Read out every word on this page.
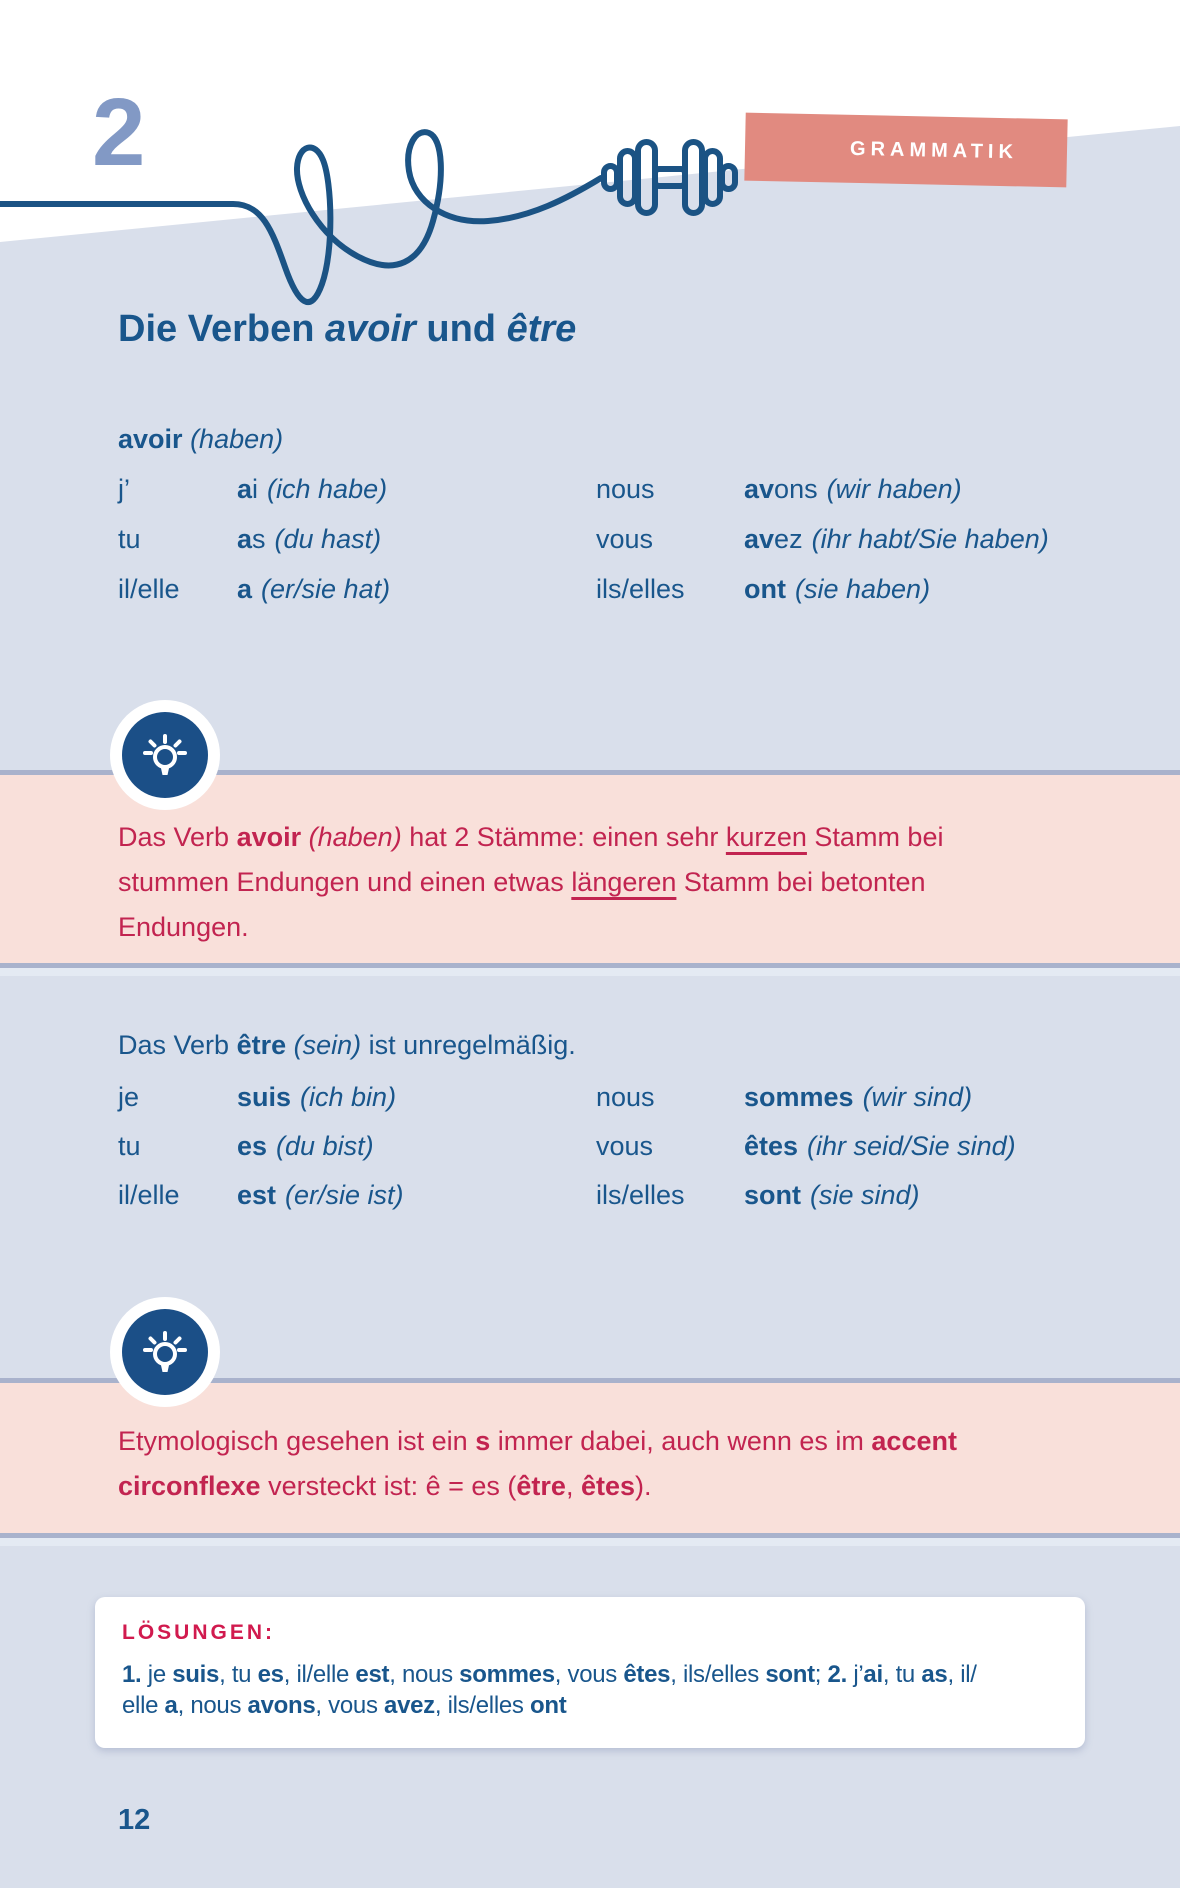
2	GRAMMATIK
Die Verben avoir und être
avoir (haben)
j’	ai (ich habe)	nous	avons (wir haben)
tu	as (du hast)	vous	avez (ihr habt/Sie haben)
il/elle a (er/sie hat)	ils/elles ont (sie haben)
Das Verb avoir (haben) hat 2 Stämme: einen sehr kurzen Stamm bei
stummen Endungen und einen etwas längeren Stamm bei betonten
Endungen.
Das Verb être (sein) ist unregelmäßig.
je	suis (ich bin)	nous	sommes (wir sind)
tu	es (du bist)	vous	êtes (ihr seid/Sie sind)
il/elle est (er/sie ist)	ils/elles sont (sie sind)
Etymologisch gesehen ist ein s immer dabei, auch wenn es im accent
circonflexe versteckt ist: ê = es (être, êtes).
LÖSUNGEN:
1. je suis, tu es, il/elle est, nous sommes, vous êtes, ils/elles sont; 2. j’ai, tu as, il/
elle a, nous avons, vous avez, ils/elles ont
12
